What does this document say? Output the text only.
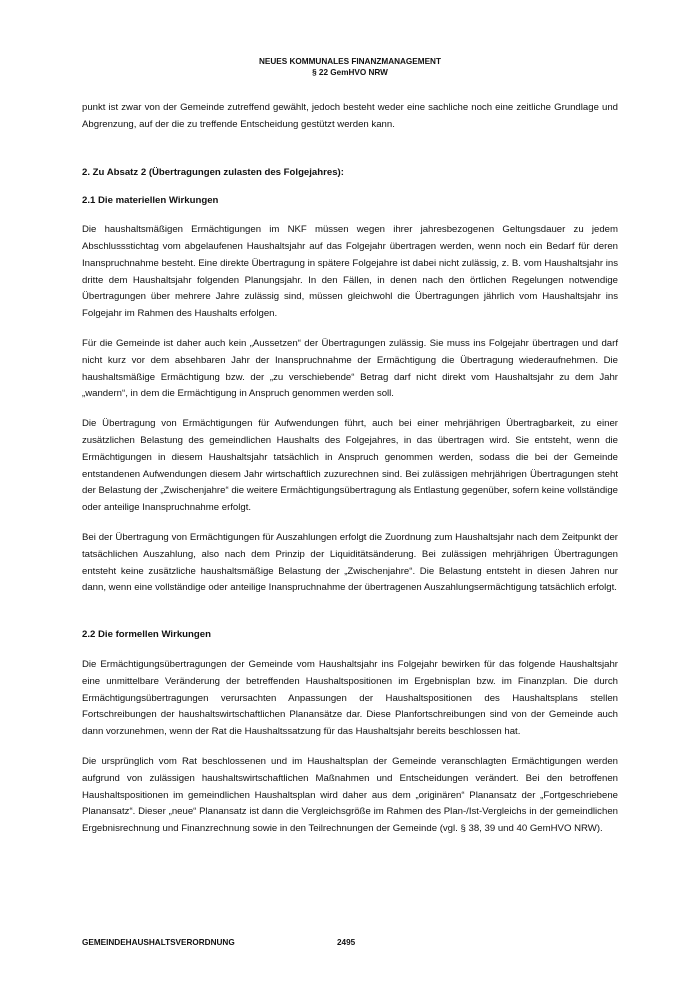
NEUES KOMMUNALES FINANZMANAGEMENT
§ 22 GemHVO NRW

punkt ist zwar von der Gemeinde zutreffend gewählt, jedoch besteht weder eine sachliche noch eine zeitliche Grundlage und Abgrenzung, auf der die zu treffende Entscheidung gestützt werden kann.

2. Zu Absatz 2 (Übertragungen zulasten des Folgejahres):
2.1 Die materiellen Wirkungen

Die haushaltsmäßigen Ermächtigungen im NKF müssen wegen ihrer jahresbezogenen Geltungsdauer zu jedem Abschlussstichtag vom abgelaufenen Haushaltsjahr auf das Folgejahr übertragen werden, wenn noch ein Bedarf für deren Inanspruchnahme besteht. Eine direkte Übertragung in spätere Folgejahre ist dabei nicht zulässig, z. B. vom Haushaltsjahr ins dritte dem Haushaltsjahr folgenden Planungsjahr. In den Fällen, in denen nach den örtlichen Regelungen notwendige Übertragungen über mehrere Jahre zulässig sind, müssen gleichwohl die Übertragungen jährlich vom Haushaltsjahr ins Folgejahr im Rahmen des Haushalts erfolgen.

Für die Gemeinde ist daher auch kein „Aussetzen“ der Übertragungen zulässig. Sie muss ins Folgejahr übertragen und darf nicht kurz vor dem absehbaren Jahr der Inanspruchnahme der Ermächtigung die Übertragung wiederaufnehmen. Die haushaltsmäßige Ermächtigung bzw. der „zu verschiebende“ Betrag darf nicht direkt vom Haushaltsjahr zu dem Jahr „wandern“, in dem die Ermächtigung in Anspruch genommen werden soll.

Die Übertragung von Ermächtigungen für Aufwendungen führt, auch bei einer mehrjährigen Übertragbarkeit, zu einer zusätzlichen Belastung des gemeindlichen Haushalts des Folgejahres, in das übertragen wird. Sie entsteht, wenn die Ermächtigungen in diesem Haushaltsjahr tatsächlich in Anspruch genommen werden, sodass die bei der Gemeinde entstandenen Aufwendungen diesem Jahr wirtschaftlich zuzurechnen sind. Bei zulässigen mehrjährigen Übertragungen steht der Belastung der „Zwischenjahre“ die weitere Ermächtigungsübertragung als Entlastung gegenüber, sofern keine vollständige oder anteilige Inanspruchnahme erfolgt.

Bei der Übertragung von Ermächtigungen für Auszahlungen erfolgt die Zuordnung zum Haushaltsjahr nach dem Zeitpunkt der tatsächlichen Auszahlung, also nach dem Prinzip der Liquiditätsänderung. Bei zulässigen mehrjährigen Übertragungen entsteht keine zusätzliche haushaltsmäßige Belastung der „Zwischenjahre“. Die Belastung entsteht in diesen Jahren nur dann, wenn eine vollständige oder anteilige Inanspruchnahme der übertragenen Auszahlungsermächtigung tatsächlich erfolgt.

2.2 Die formellen Wirkungen

Die Ermächtigungsübertragungen der Gemeinde vom Haushaltsjahr ins Folgejahr bewirken für das folgende Haushaltsjahr eine unmittelbare Veränderung der betreffenden Haushaltspositionen im Ergebnisplan bzw. im Finanzplan. Die durch Ermächtigungsübertragungen verursachten Anpassungen der Haushaltspositionen des Haushaltsplans stellen Fortschreibungen der haushaltswirtschaftlichen Planansätze dar. Diese Planfortschreibungen sind von der Gemeinde auch dann vorzunehmen, wenn der Rat die Haushaltssatzung für das Haushaltsjahr bereits beschlossen hat.

Die ursprünglich vom Rat beschlossenen und im Haushaltsplan der Gemeinde veranschlagten Ermächtigungen werden aufgrund von zulässigen haushaltswirtschaftlichen Maßnahmen und Entscheidungen verändert. Bei den betroffenen Haushaltspositionen im gemeindlichen Haushaltsplan wird daher aus dem „originären“ Planansatz der „Fortgeschriebene Planansatz“. Dieser „neue“ Planansatz ist dann die Vergleichsgröße im Rahmen des Plan-/Ist-Vergleichs in der gemeindlichen Ergebnisrechnung und Finanzrechnung sowie in den Teilrechnungen der Gemeinde (vgl. § 38, 39 und 40 GemHVO NRW).

GEMEINDEHAUSHALTSVERORDNUNG	2495
